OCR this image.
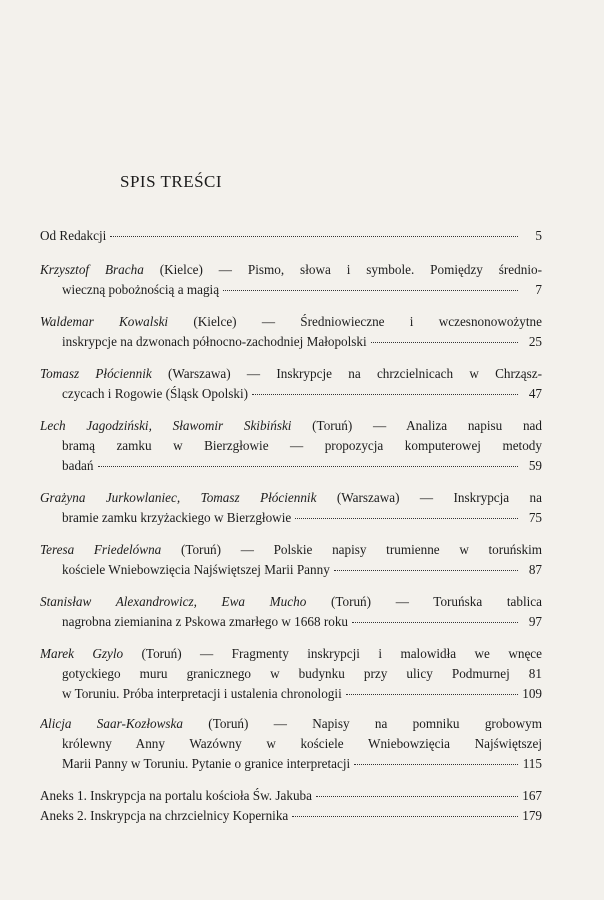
SPIS TREŚCI
Od Redakcji	5
Krzysztof Bracha (Kielce) — Pismo, słowa i symbole. Pomiędzy średnio-
wieczną pobożnością a magią	7
Waldemar Kowalski (Kielce) — Średniowieczne i wczesnonowożytne
inskrypcje na dzwonach północno-zachodniej Małopolski	25
Tomasz Płóciennik (Warszawa) — Inskrypcje na chrzcielnicach w Chrząsz-
czycach i Rogowie (Śląsk Opolski)	47
Lech Jagodziński, Sławomir Skibiński (Toruń) — Analiza napisu nad
bramą zamku w Bierzgłowie — propozycja komputerowej metody
badań	59
Grażyna Jurkowlaniec, Tomasz Płóciennik (Warszawa) — Inskrypcja na
bramie zamku krzyżackiego w Bierzgłowie	75
Teresa Friedelówna (Toruń) — Polskie napisy trumienne w toruńskim
kościele Wniebowzięcia Najświętszej Marii Panny	87
Stanisław Alexandrowicz, Ewa Mucho (Toruń) — Toruńska tablica
nagrobna ziemianina z Pskowa zmarłego w 1668 roku	97
Marek Gzylo (Toruń) — Fragmenty inskrypcji i malowidła we wnęce
gotyckiego muru granicznego w budynku przy ulicy Podmurnej 81
w Toruniu. Próba interpretacji i ustalenia chronologii	109
Alicja Saar-Kozłowska (Toruń) — Napisy na pomniku grobowym
królewny Anny Wazówny w kościele Wniebowzięcia Najświętszej
Marii Panny w Toruniu. Pytanie o granice interpretacji	115
Aneks 1. Inskrypcja na portalu kościoła Św. Jakuba	167
Aneks 2. Inskrypcja na chrzcielnicy Kopernika	179
